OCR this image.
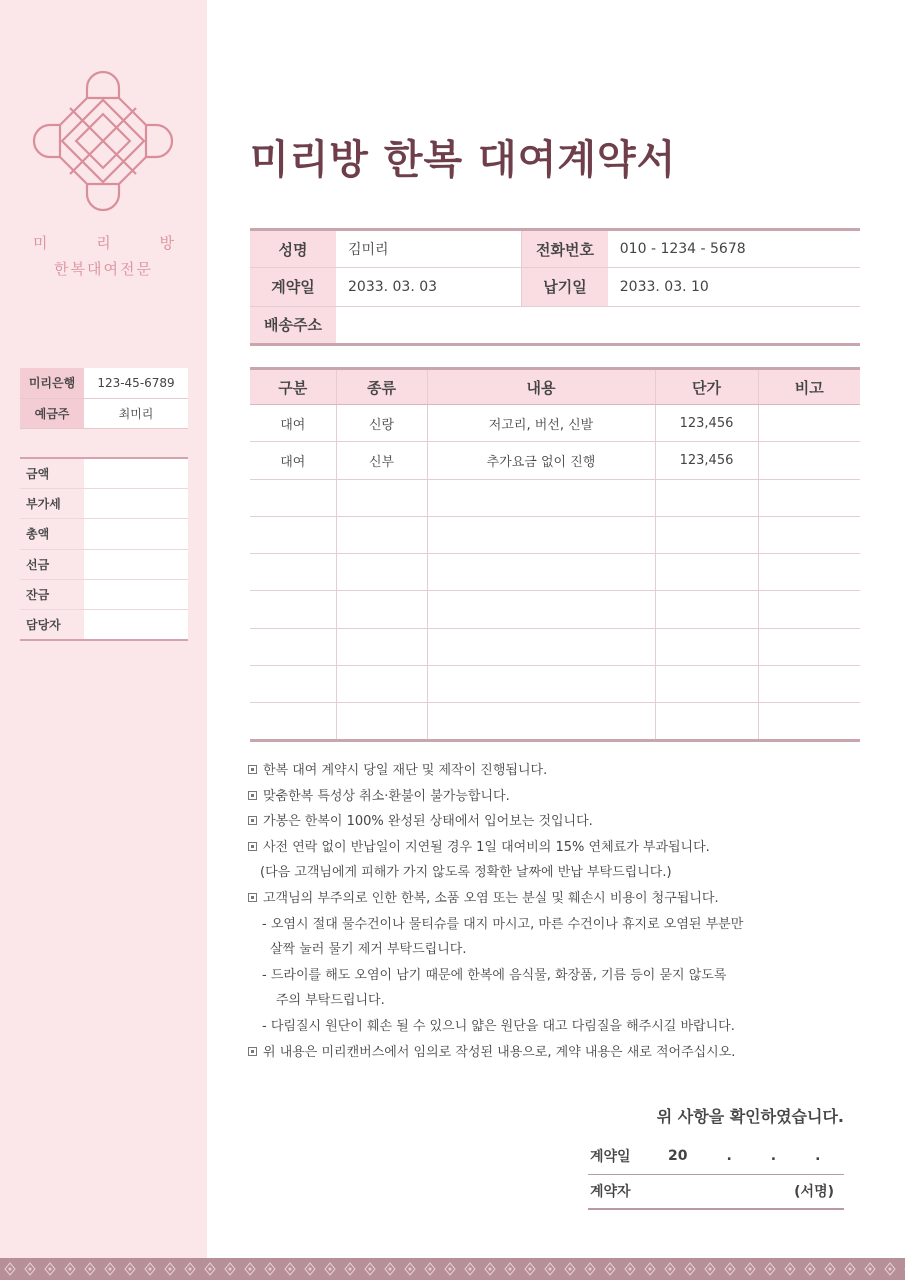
미 리 방
한복대여전문
미리은행	123-45-6789
예금주	최미리
금액	
부가세	
총액	
선금	
잔금	
담당자	
미리방 한복 대여계약서
성명	김미리	전화번호	010 - 1234 - 5678
계약일	2033. 03. 03	납기일	2033. 03. 10
배송주소			
구분	종류	내용	단가	비고
대여	신랑	저고리, 버선, 신발	123,456	
대여	신부	추가요금 없이 진행	123,456	

한복 대여 계약시 당일 재단 및 제작이 진행됩니다.
맞춤한복 특성상 취소·환불이 불가능합니다.
가봉은 한복이 100% 완성된 상태에서 입어보는 것입니다.
사전 연락 없이 반납일이 지연될 경우 1일 대여비의 15% 연체료가 부과됩니다.
(다음 고객님에게 피해가 가지 않도록 정확한 날짜에 반납 부탁드립니다.)
고객님의 부주의로 인한 한복, 소품 오염 또는 분실 및 훼손시 비용이 청구됩니다.
- 오염시 절대 물수건이나 물티슈를 대지 마시고, 마른 수건이나 휴지로 오염된 부분만
살짝 눌러 물기 제거 부탁드립니다.
- 드라이를 해도 오염이 남기 때문에 한복에 음식물, 화장품, 기름 등이 묻지 않도록
주의 부탁드립니다.
- 다림질시 원단이 훼손 될 수 있으니 얇은 원단을 대고 다림질을 해주시길 바랍니다.
위 내용은 미리캔버스에서 임의로 작성된 내용으로, 계약 내용은 새로 적어주십시오.
위 사항을 확인하였습니다.
계약일	20        .        .        .
계약자	(서명)
